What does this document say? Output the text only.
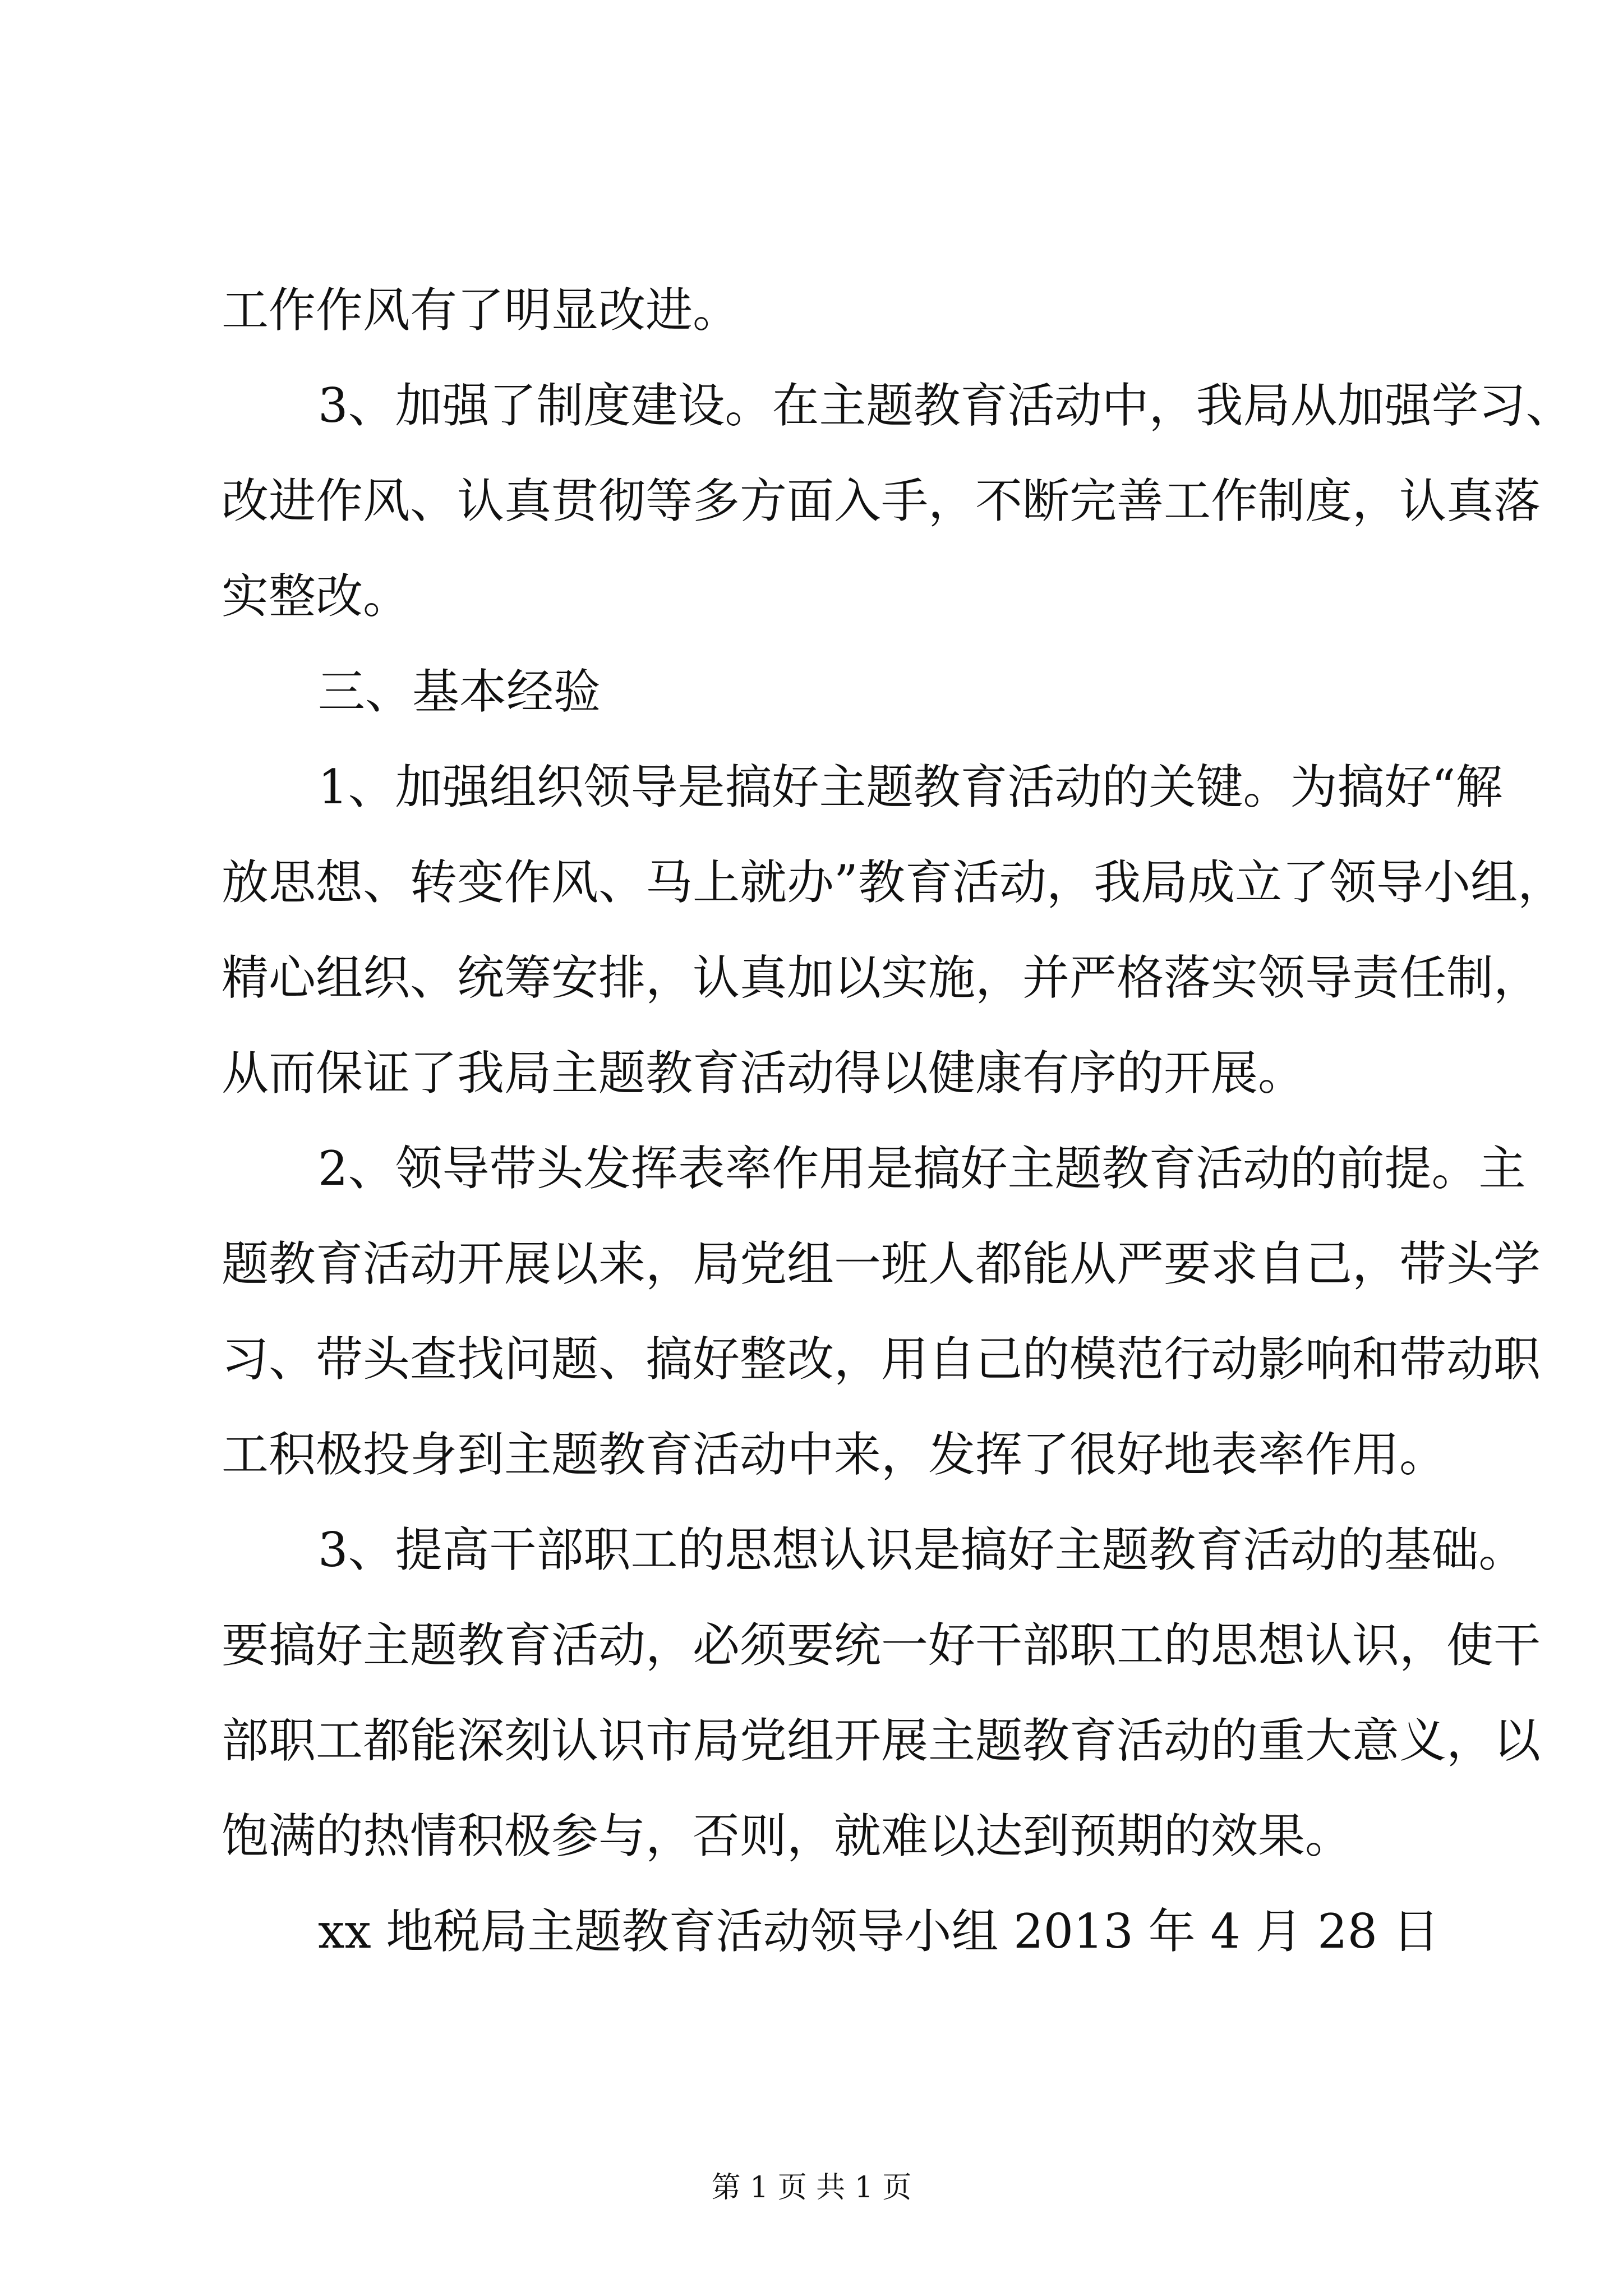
工作作风有了明显改进。
3、加强了制度建设。在主题教育活动中，我局从加强学习、
改进作风、认真贯彻等多方面入手，不断完善工作制度，认真落
实整改。
三、基本经验
1、加强组织领导是搞好主题教育活动的关键。为搞好“解
放思想、转变作风、马上就办”教育活动，我局成立了领导小组，
精心组织、统筹安排，认真加以实施，并严格落实领导责任制，
从而保证了我局主题教育活动得以健康有序的开展。
2、领导带头发挥表率作用是搞好主题教育活动的前提。主
题教育活动开展以来，局党组一班人都能从严要求自己，带头学
习、带头查找问题、搞好整改，用自己的模范行动影响和带动职
工积极投身到主题教育活动中来，发挥了很好地表率作用。
3、提高干部职工的思想认识是搞好主题教育活动的基础。
要搞好主题教育活动，必须要统一好干部职工的思想认识，使干
部职工都能深刻认识市局党组开展主题教育活动的重大意义，以
饱满的热情积极参与，否则，就难以达到预期的效果。
xx 地税局主题教育活动领导小组 2013 年 4 月 28 日
第 1 页 共 1 页
